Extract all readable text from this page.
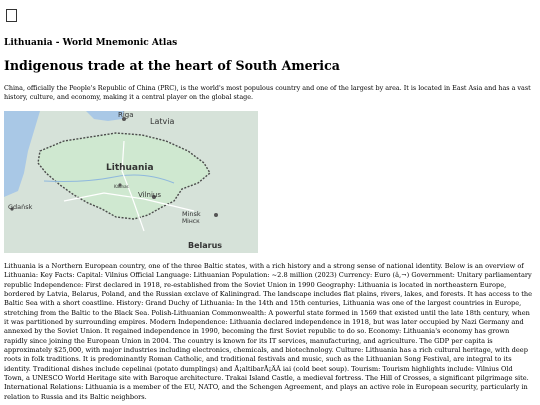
Lithuania - World Mnemonic Atlas
Indigenous trade at the heart of South America
China, officially the People's Republic of China (PRC), is the world's most populous country and one of the largest by area. It is located in East Asia and has a vast history, culture, and economy, making it a central player on the global stage.
Riga
Latvia
Lithuania
Kaunas
Vilnius
Gdańsk
Minsk
Мінск
Belarus
Lithuania is a Northern European country, one of the three Baltic states, with a rich history and a strong sense of national identity. Below is an overview of Lithuania: Key Facts: Capital: Vilnius Official Language: Lithuanian Population: ~2.8 million (2023) Currency: Euro (â‚¬) Government: Unitary parliamentary republic Independence: First declared in 1918, re-established from the Soviet Union in 1990 Geography: Lithuania is located in northeastern Europe, bordered by Latvia, Belarus, Poland, and the Russian exclave of Kaliningrad. The landscape includes flat plains, rivers, lakes, and forests. It has access to the Baltic Sea with a short coastline. History: Grand Duchy of Lithuania: In the 14th and 15th centuries, Lithuania was one of the largest countries in Europe, stretching from the Baltic to the Black Sea. Polish-Lithuanian Commonwealth: A powerful state formed in 1569 that existed until the late 18th century, when it was partitioned by surrounding empires. Modern Independence: Lithuania declared independence in 1918, but was later occupied by Nazi Germany and annexed by the Soviet Union. It regained independence in 1990, becoming the first Soviet republic to do so. Economy: Lithuania's economy has grown rapidly since joining the European Union in 2004. The country is known for its IT services, manufacturing, and agriculture. The GDP per capita is approximately $25,000, with major industries including electronics, chemicals, and biotechnology. Culture: Lithuania has a rich cultural heritage, with deep roots in folk traditions. It is predominantly Roman Catholic, and traditional festivals and music, such as the Lithuanian Song Festival, are integral to its identity. Traditional dishes include cepelinai (potato dumplings) and Å¡altibarÅ¡ÄÂ iai (cold beet soup). Tourism: Tourism highlights include: Vilnius Old Town, a UNESCO World Heritage site with Baroque architecture. Trakai Island Castle, a medieval fortress. The Hill of Crosses, a significant pilgrimage site. International Relations: Lithuania is a member of the EU, NATO, and the Schengen Agreement, and plays an active role in European security, particularly in relation to Russia and its Baltic neighbors.
